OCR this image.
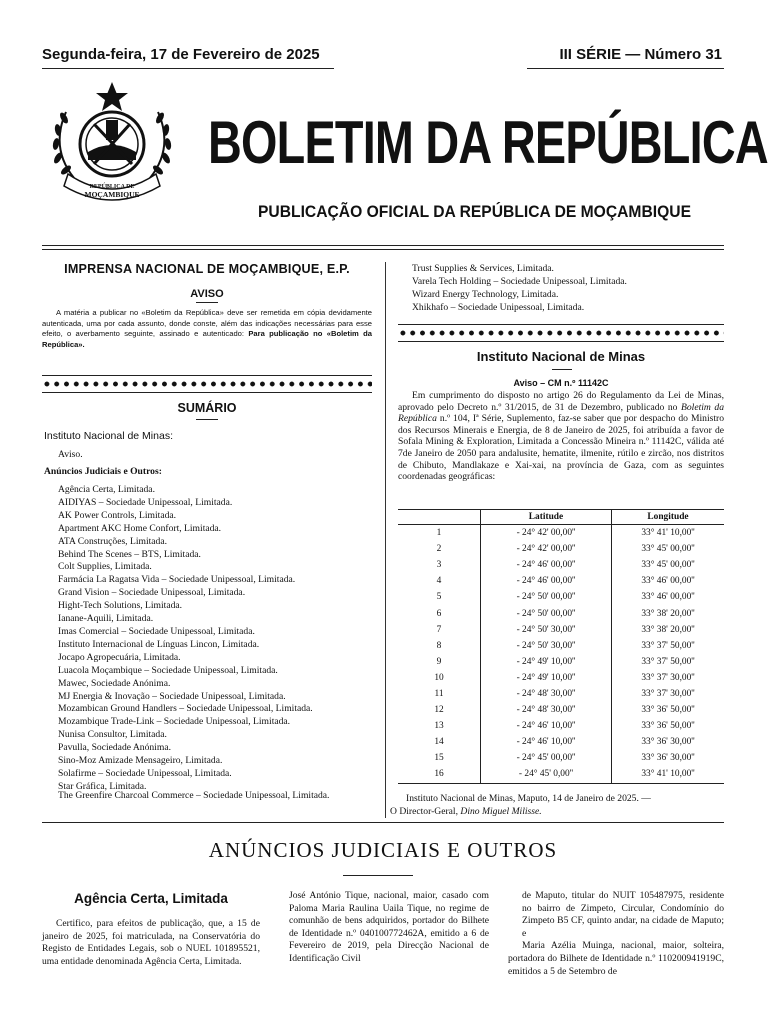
Segunda-feira, 17 de Fevereiro de 2025	III SÉRIE — Número 31
REPÚBLICA DE
MOÇAMBIQUE
BOLETIM DA REPÚBLICA
PUBLICAÇÃO OFICIAL DA REPÚBLICA DE MOÇAMBIQUE
IMPRENSA NACIONAL DE MOÇAMBIQUE, E.P.
AVISO
A matéria a publicar no «Boletim da República» deve ser remetida em cópia devidamente autenticada, uma por cada assunto, donde conste, além das indicações necessárias para esse efeito, o averbamento seguinte, assinado e autenticado: Para publicação no «Boletim da República».
SUMÁRIO
Instituto Nacional de Minas:
Aviso.
Anúncios Judiciais e Outros:
Agência Certa, Limitada.
AIDIYAS – Sociedade Unipessoal, Limitada.
AK Power Controls, Limitada.
Apartment AKC Home Confort, Limitada.
ATA Construções, Limitada.
Behind The Scenes – BTS, Limitada.
Colt Supplies, Limitada.
Farmácia La Ragatsa Vida – Sociedade Unipessoal, Limitada.
Grand Vision – Sociedade Unipessoal, Limitada.
Hight-Tech Solutions, Limitada.
Ianane-Aquili, Limitada.
Imas Comercial – Sociedade Unipessoal, Limitada.
Instituto Internacional de Línguas Lincon, Limitada.
Jocapo Agropecuária, Limitada.
Luacola Moçambique – Sociedade Unipessoal, Limitada.
Mawec, Sociedade Anónima.
MJ Energia & Inovação – Sociedade Unipessoal, Limitada.
Mozambican Ground Handlers – Sociedade Unipessoal, Limitada.
Mozambique Trade-Link – Sociedade Unipessoal, Limitada.
Nunisa Consultor, Limitada.
Pavulla, Sociedade Anónima.
Sino-Moz Amizade Mensageiro, Limitada.
Solafirme – Sociedade Unipessoal, Limitada.
Star Gráfica, Limitada.
The Greenfire Charcoal Commerce – Sociedade Unipessoal, Limitada.
Trust Supplies & Services, Limitada.
Varela Tech Holding – Sociedade Unipessoal, Limitada.
Wizard Energy Technology, Limitada.
Xhikhafo – Sociedade Unipessoal, Limitada.
Instituto Nacional de Minas
Aviso – CM n.º 11142C
Em cumprimento do disposto no artigo 26 do Regulamento da Lei de Minas, aprovado pelo Decreto n.º 31/2015, de 31 de Dezembro, publicado no Boletim da República n.º 104, Iª Série, Suplemento, faz-se saber que por despacho do Ministro dos Recursos Minerais e Energia, de 8 de Janeiro de 2025, foi atribuída a favor de Sofala Mining & Exploration, Limitada a Concessão Mineira n.º 11142C, válida até 7de Janeiro de 2050 para andalusite, hematite, ilmenite, rútilo e zircão, nos distritos de Chibuto, Mandlakaze e Xai-xai, na província de Gaza, com as seguintes coordenadas geográficas:
	Latitude	Longitude
1	- 24° 42' 00,00''	33° 41' 10,00''
2	- 24° 42' 00,00''	33° 45' 00,00''
3	- 24° 46' 00,00''	33° 45' 00,00''
4	- 24° 46' 00,00''	33° 46' 00,00''
5	- 24° 50' 00,00''	33° 46' 00,00''
6	- 24° 50' 00,00''	33° 38' 20,00''
7	- 24° 50' 30,00''	33° 38' 20,00''
8	- 24° 50' 30,00''	33° 37' 50,00''
9	- 24° 49' 10,00''	33° 37' 50,00''
10	- 24° 49' 10,00''	33° 37' 30,00''
11	- 24° 48' 30,00''	33° 37' 30,00''
12	- 24° 48' 30,00''	33° 36' 50,00''
13	- 24° 46' 10,00''	33° 36' 50,00''
14	- 24° 46' 10,00''	33° 36' 30,00''
15	- 24° 45' 00,00''	33° 36' 30,00''
16	- 24° 45' 0,00''	33° 41' 10,00''
Instituto Nacional de Minas, Maputo, 14 de Janeiro de 2025. —
O Director-Geral, Dino Miguel Milisse.
ANÚNCIOS JUDICIAIS E OUTROS
Agência Certa, Limitada
Certifico, para efeitos de publicação, que, a 15 de janeiro de 2025, foi matriculada, na Conservatória do Registo de Entidades Legais, sob o NUEL 101895521, uma entidade denominada Agência Certa, Limitada.
José António Tique, nacional, maior, casado com Paloma Maria Raulina Uaila Tique, no regime de comunhão de bens adquiridos, portador do Bilhete de Identidade n.º 040100772462A, emitido a 6 de Fevereiro de 2019, pela Direcção Nacional de Identificação Civil
de Maputo, titular do NUIT 105487975, residente no bairro de Zimpeto, Circular, Condomínio do Zimpeto B5 CF, quinto andar, na cidade de Maputo; e
Maria Azélia Muinga, nacional, maior, solteira, portadora do Bilhete de Identidade n.º 110200941919C, emitidos a 5 de Setembro de
